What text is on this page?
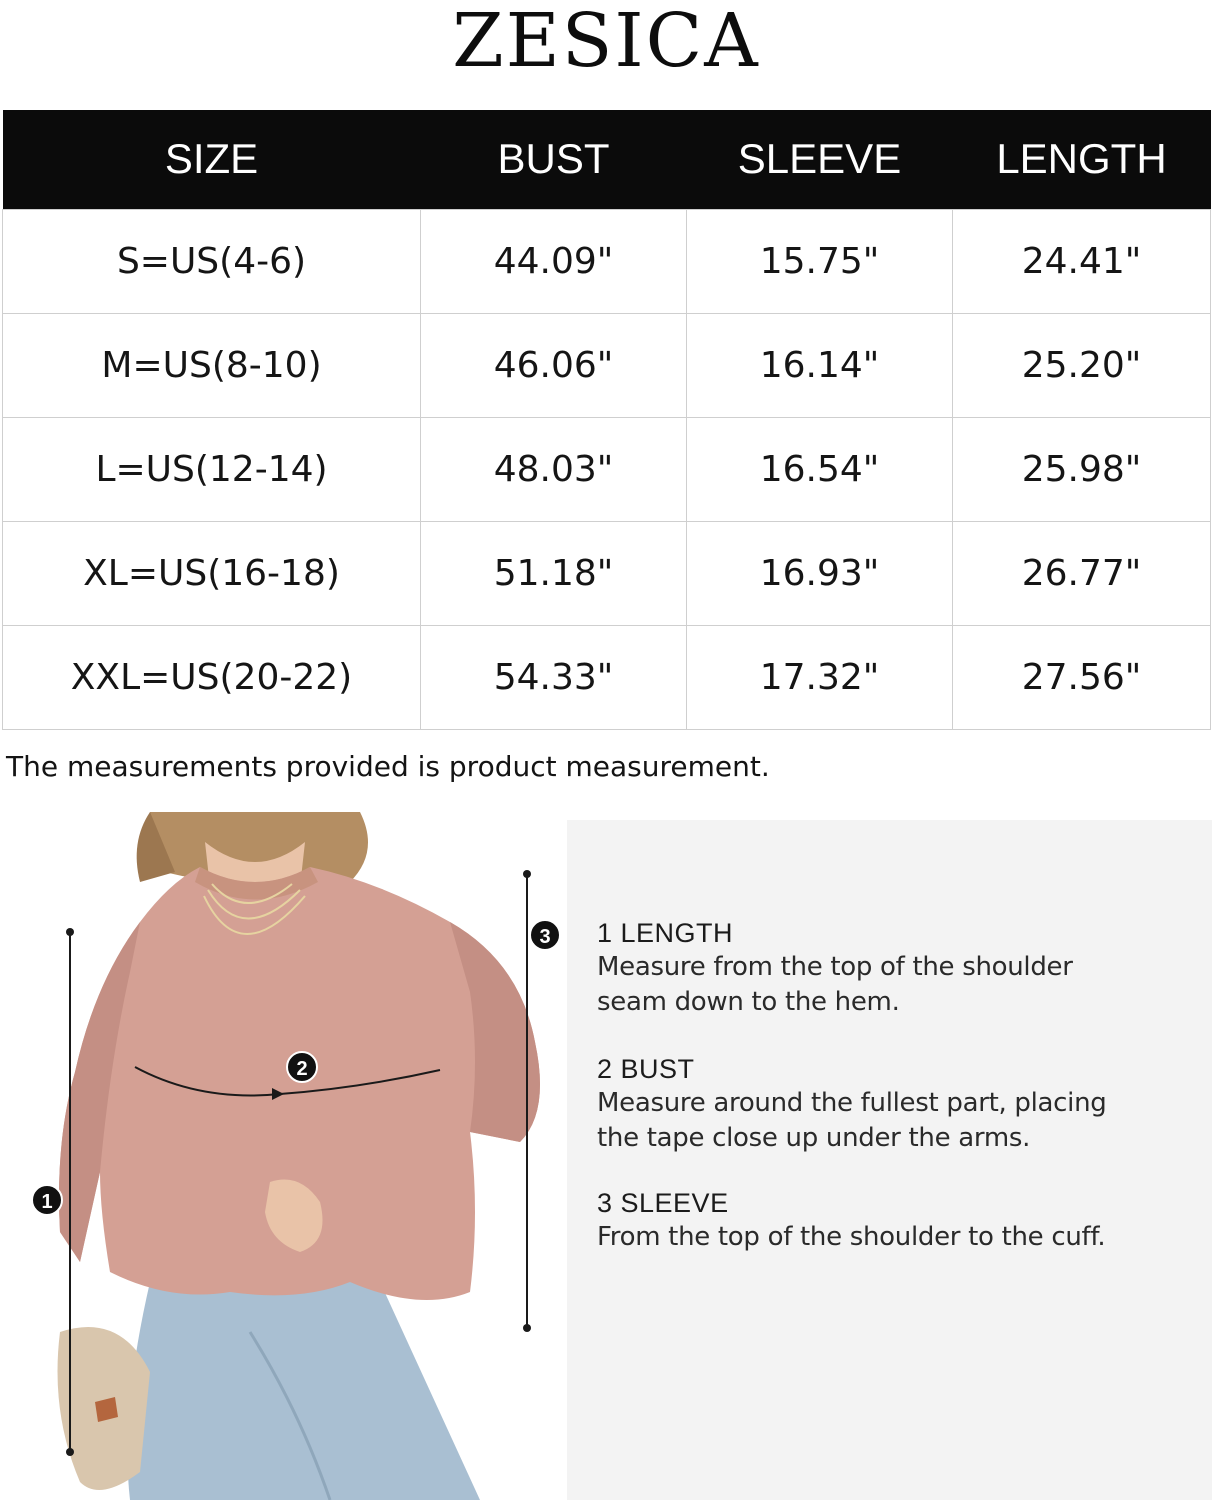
ZESICA
SIZE	BUST	SLEEVE	LENGTH
S=US(4-6)	44.09"	15.75"	24.41"
M=US(8-10)	46.06"	16.14"	25.20"
L=US(12-14)	48.03"	16.54"	25.98"
XL=US(16-18)	51.18"	16.93"	26.77"
XXL=US(20-22)	54.33"	17.32"	27.56"
The measurements provided is product measurement.
1
2
3	1 LENGTH
Measure from the top of the shoulder
seam down to the hem.
2 BUST
Measure around the fullest part, placing
the tape close up under the arms.
3 SLEEVE
From the top of the shoulder to the cuff.
